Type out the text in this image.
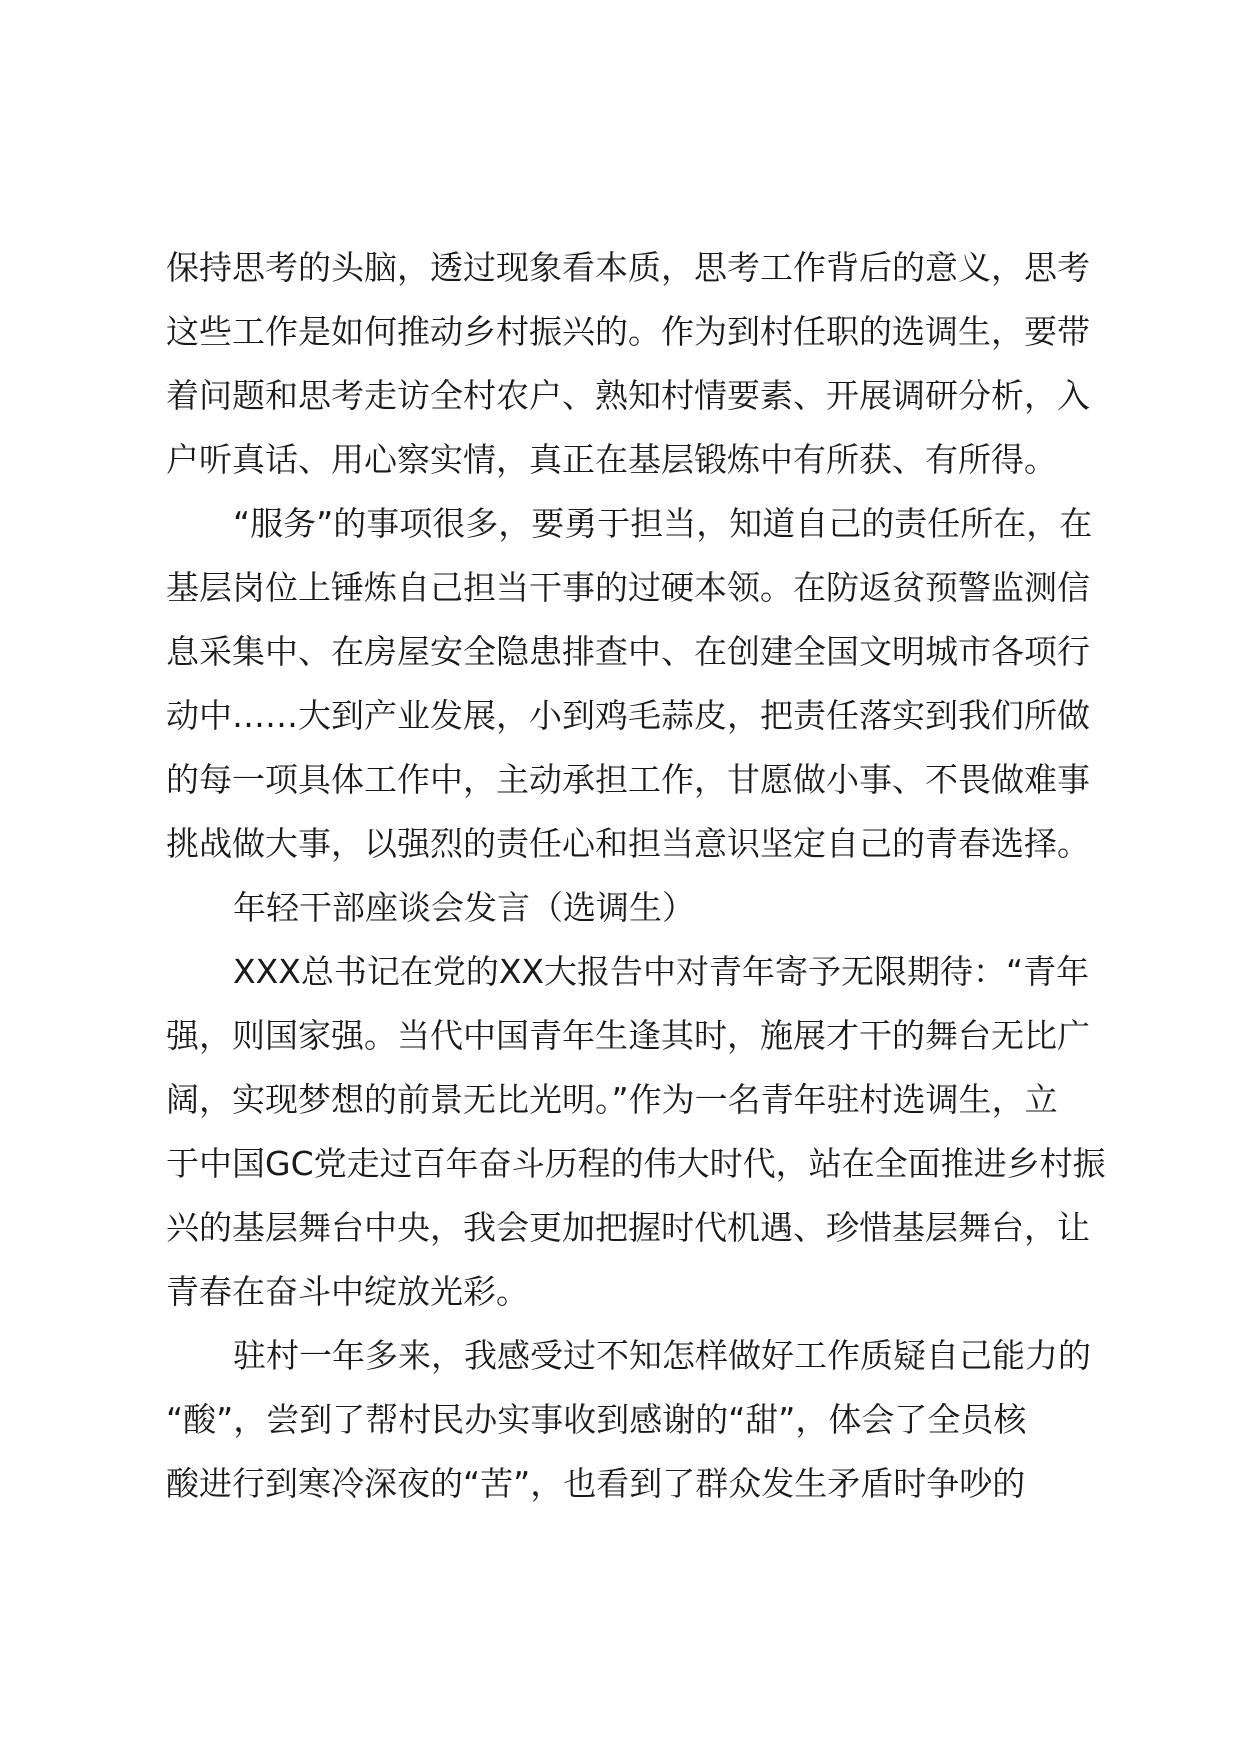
保持思考的头脑，透过现象看本质，思考工作背后的意义，思考
这些工作是如何推动乡村振兴的。作为到村任职的选调生，要带
着问题和思考走访全村农户、熟知村情要素、开展调研分析，入
户听真话、用心察实情，真正在基层锻炼中有所获、有所得。
“服务”的事项很多，要勇于担当，知道自己的责任所在，在
基层岗位上锤炼自己担当干事的过硬本领。在防返贫预警监测信
息采集中、在房屋安全隐患排查中、在创建全国文明城市各项行
动中……大到产业发展，小到鸡毛蒜皮，把责任落实到我们所做
的每一项具体工作中，主动承担工作，甘愿做小事、不畏做难事
挑战做大事，以强烈的责任心和担当意识坚定自己的青春选择。
年轻干部座谈会发言（选调生）
XXX总书记在党的XX大报告中对青年寄予无限期待：“青年
强，则国家强。当代中国青年生逢其时，施展才干的舞台无比广
阔，实现梦想的前景无比光明。”作为一名青年驻村选调生，立
于中国GC党走过百年奋斗历程的伟大时代，站在全面推进乡村振
兴的基层舞台中央，我会更加把握时代机遇、珍惜基层舞台，让
青春在奋斗中绽放光彩。
驻村一年多来，我感受过不知怎样做好工作质疑自己能力的
“酸”，尝到了帮村民办实事收到感谢的“甜”，体会了全员核
酸进行到寒冷深夜的“苦”，也看到了群众发生矛盾时争吵的
